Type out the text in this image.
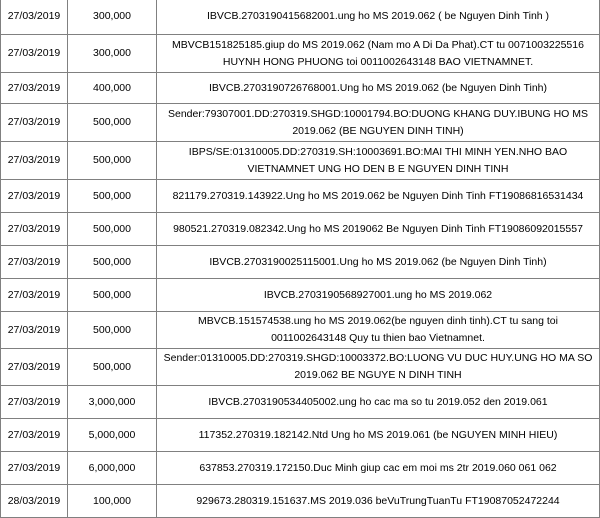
27/03/2019	300,000	IBVCB.2703190415682001.ung ho MS 2019.062 ( be Nguyen Dinh Tinh )
27/03/2019	300,000	MBVCB151825185.giup do MS 2019.062 (Nam mo A Di Da Phat).CT tu 0071003225516 HUYNH HONG PHUONG toi 0011002643148 BAO VIETNAMNET.
27/03/2019	400,000	IBVCB.2703190726768001.Ung ho MS 2019.062 (be Nguyen Dinh Tinh)
27/03/2019	500,000	Sender:79307001.DD:270319.SHGD:10001794.BO:DUONG KHANG DUY.IBUNG HO MS 2019.062 (BE NGUYEN DINH TINH)
27/03/2019	500,000	IBPS/SE:01310005.DD:270319.SH:10003691.BO:MAI THI MINH YEN.NHO BAO VIETNAMNET UNG HO DEN B E NGUYEN DINH TINH
27/03/2019	500,000	821179.270319.143922.Ung ho MS 2019.062 be Nguyen Dinh Tinh FT19086816531434
27/03/2019	500,000	980521.270319.082342.Ung ho MS 2019062 Be Nguyen Dinh Tinh FT19086092015557
27/03/2019	500,000	IBVCB.2703190025115001.Ung ho MS 2019.062 (be Nguyen Dinh Tinh)
27/03/2019	500,000	IBVCB.2703190568927001.ung ho MS 2019.062
27/03/2019	500,000	MBVCB.151574538.ung ho MS 2019.062(be nguyen dinh tinh).CT tu sang toi 0011002643148 Quy tu thien bao Vietnamnet.
27/03/2019	500,000	Sender:01310005.DD:270319.SHGD:10003372.BO:LUONG VU DUC HUY.UNG HO MA SO 2019.062 BE NGUYE N DINH TINH
27/03/2019	3,000,000	IBVCB.2703190534405002.ung ho cac ma so tu 2019.052 den 2019.061
27/03/2019	5,000,000	117352.270319.182142.Ntd Ung ho MS 2019.061 (be NGUYEN MINH HIEU)
27/03/2019	6,000,000	637853.270319.172150.Duc Minh giup cac em moi ms 2tr 2019.060 061 062
28/03/2019	100,000	929673.280319.151637.MS 2019.036 beVuTrungTuanTu FT19087052472244
